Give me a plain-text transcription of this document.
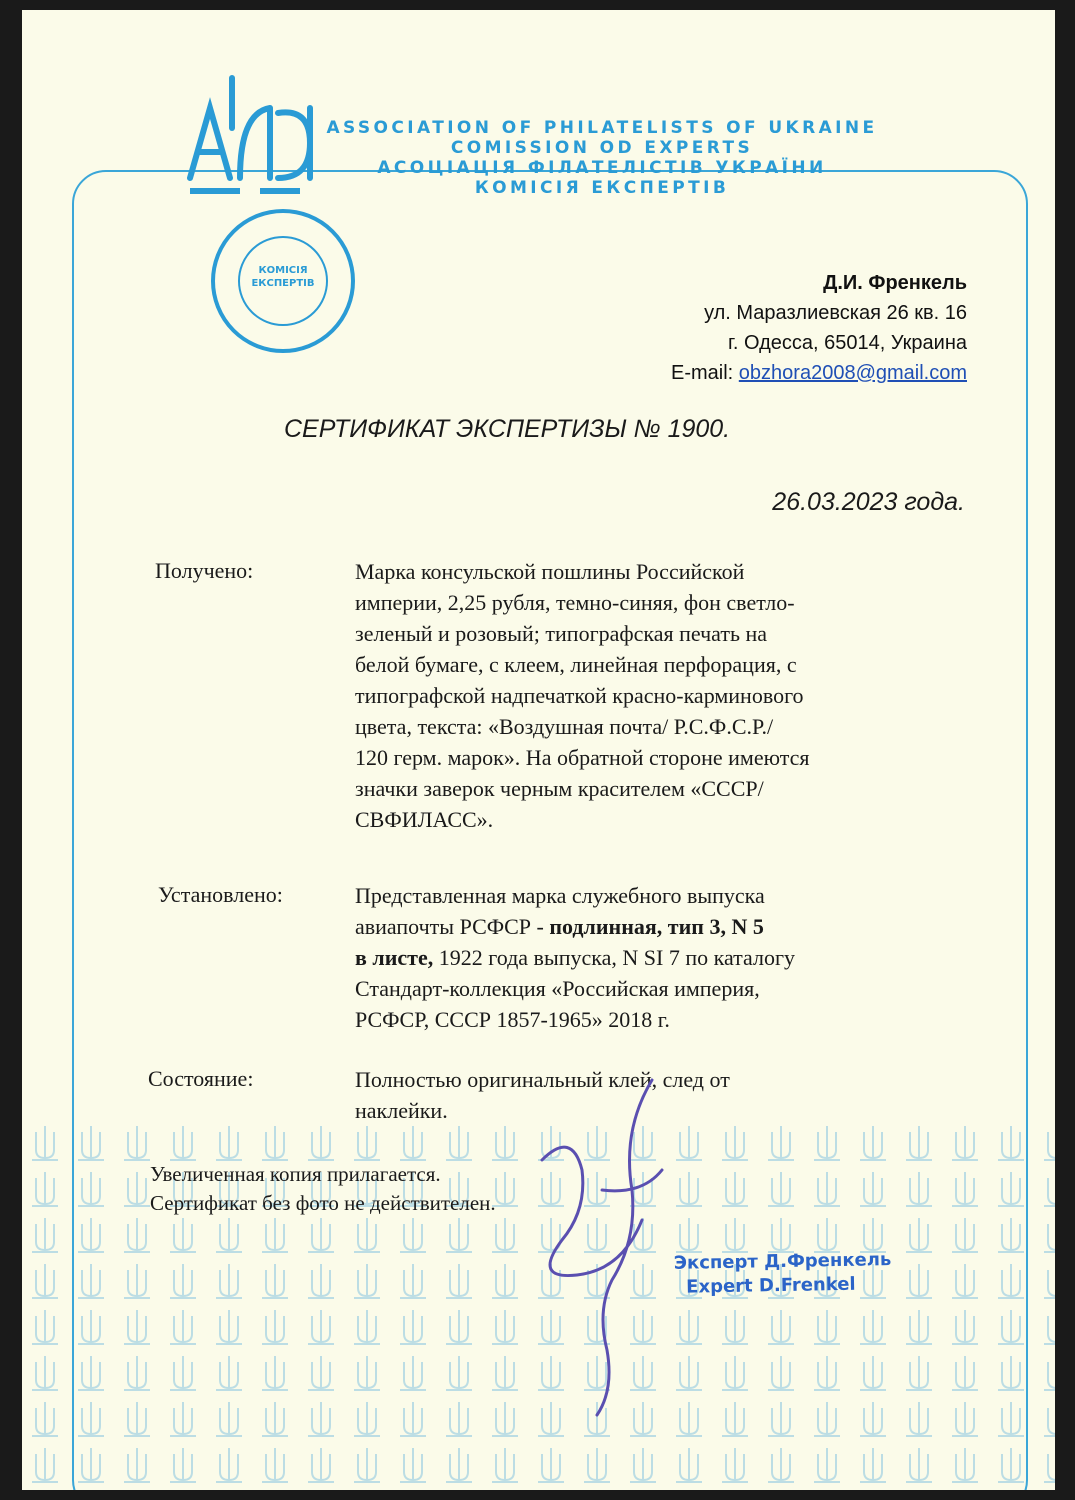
КОМІСІЯ
ЕКСПЕРТІВ
ASSOCIATION OF PHILATELISTS OF UKRAINE
COMISSION OD EXPERTS
АСОЦІАЦІЯ ФІЛАТЕЛІСТІВ УКРАЇНИ
КОМІСІЯ ЕКСПЕРТІВ
Д.И. Френкель
ул. Маразлиевская 26 кв. 16
г. Одесса, 65014, Украина
E-mail: obzhora2008@gmail.com
СЕРТИФИКАТ ЭКСПЕРТИЗЫ № 1900.
26.03.2023 года.
Получено:	Марка консульской пошлины Российской
империи, 2,25 рубля, темно-синяя, фон светло-
зеленый и розовый; типографская печать на
белой бумаге, с клеем, линейная перфорация, с
типографской надпечаткой красно-карминового
цвета, текста: «Воздушная почта/ Р.С.Ф.С.Р./
120 герм. марок». На обратной стороне имеются
значки заверок черным красителем «СССР/
СВФИЛАСС».
Установлено:	Представленная марка служебного выпуска
авиапочты РСФСР - подлинная, тип 3, N 5
в листе, 1922 года выпуска, N SI 7 по каталогу
Стандарт-коллекция «Российская империя,
РСФСР, СССР 1857-1965» 2018 г.
Состояние:	Полностью оригинальный клей, след от
наклейки.
Увеличенная копия прилагается.
Сертификат без фото не действителен.
Эксперт Д.Френкель
Expert D.Frenkel
